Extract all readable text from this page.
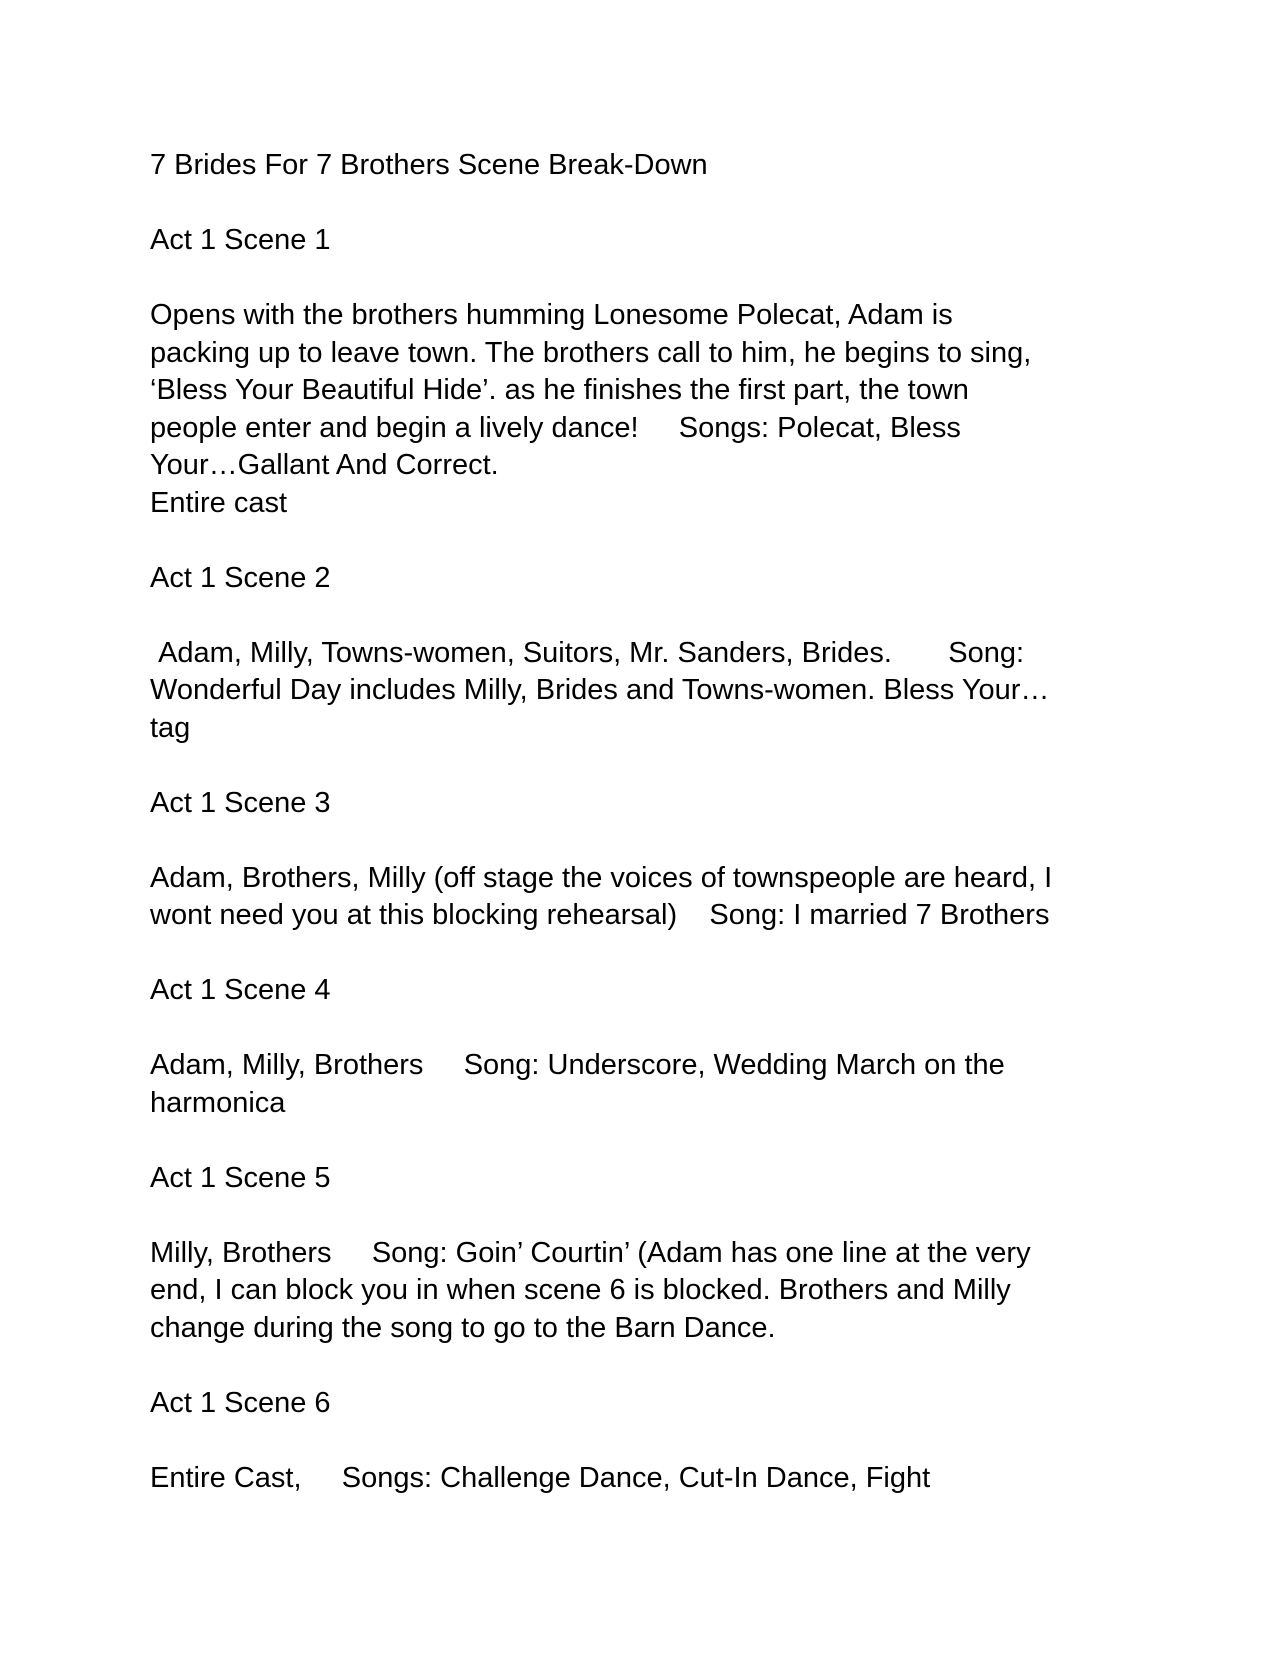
7 Brides For 7 Brothers Scene Break-Down

Act 1 Scene 1

Opens with the brothers humming Lonesome Polecat, Adam is
packing up to leave town. The brothers call to him, he begins to sing,
‘Bless Your Beautiful Hide’. as he finishes the first part, the town
people enter and begin a lively dance!     Songs: Polecat, Bless
Your…Gallant And Correct.
Entire cast

Act 1 Scene 2

Adam, Milly, Towns-women, Suitors, Mr. Sanders, Brides.       Song:
Wonderful Day includes Milly, Brides and Towns-women. Bless Your…
tag

Act 1 Scene 3

Adam, Brothers, Milly (off stage the voices of townspeople are heard, I
wont need you at this blocking rehearsal)    Song: I married 7 Brothers

Act 1 Scene 4

Adam, Milly, Brothers     Song: Underscore, Wedding March on the
harmonica

Act 1 Scene 5

Milly, Brothers     Song: Goin’ Courtin’ (Adam has one line at the very
end, I can block you in when scene 6 is blocked. Brothers and Milly
change during the song to go to the Barn Dance.

Act 1 Scene 6

Entire Cast,     Songs: Challenge Dance, Cut-In Dance, Fight
